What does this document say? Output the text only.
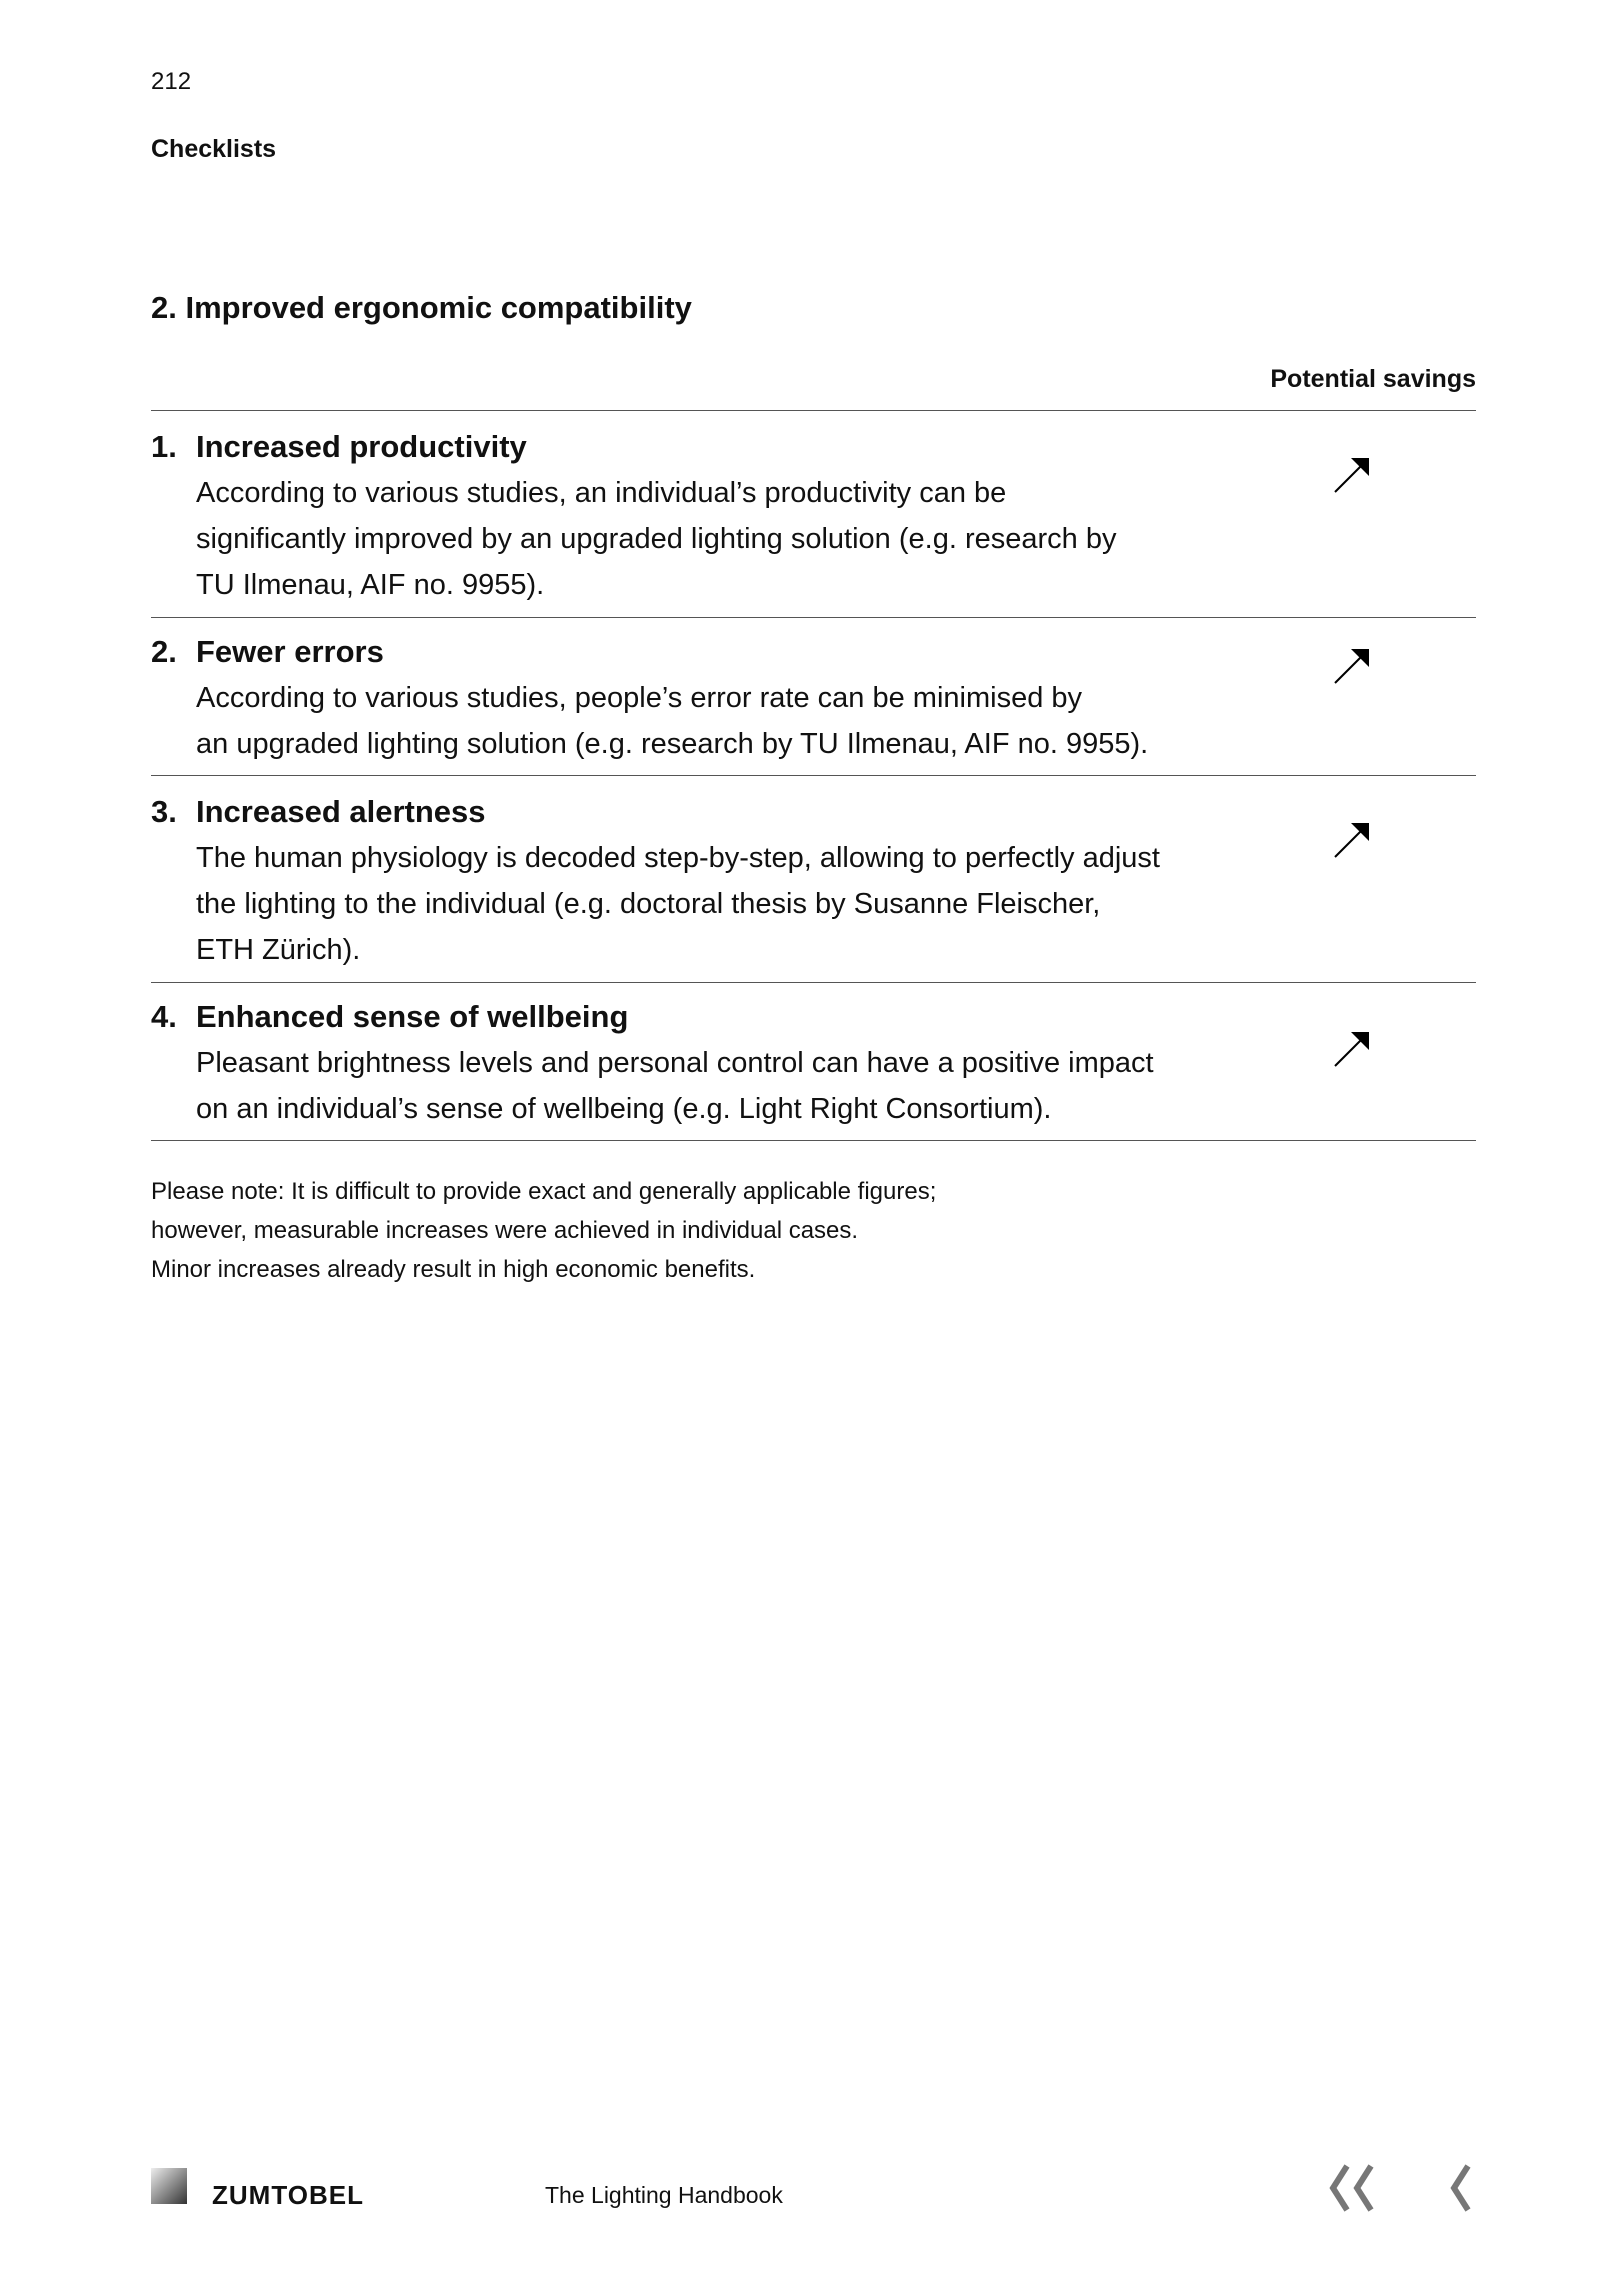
212
Checklists
2. Improved ergonomic compatibility
Potential savings
1. Increased productivity
According to various studies, an individual’s productivity can be
significantly improved by an upgraded lighting solution (e.g. research by
TU Ilmenau, AIF no. 9955).
2. Fewer errors
According to various studies, people’s error rate can be minimised by
an upgraded lighting solution (e.g. research by TU Ilmenau, AIF no. 9955).
3. Increased alertness
The human physiology is decoded step-by-step, allowing to perfectly adjust
the lighting to the individual (e.g. doctoral thesis by Susanne Fleischer,
ETH Zürich).
4. Enhanced sense of wellbeing
Pleasant brightness levels and personal control can have a positive impact
on an individual’s sense of wellbeing (e.g. Light Right Consortium).
Please note: It is difficult to provide exact and generally applicable figures;
however, measurable increases were achieved in individual cases.
Minor increases already result in high economic benefits.
ZUMTOBEL	The Lighting Handbook
